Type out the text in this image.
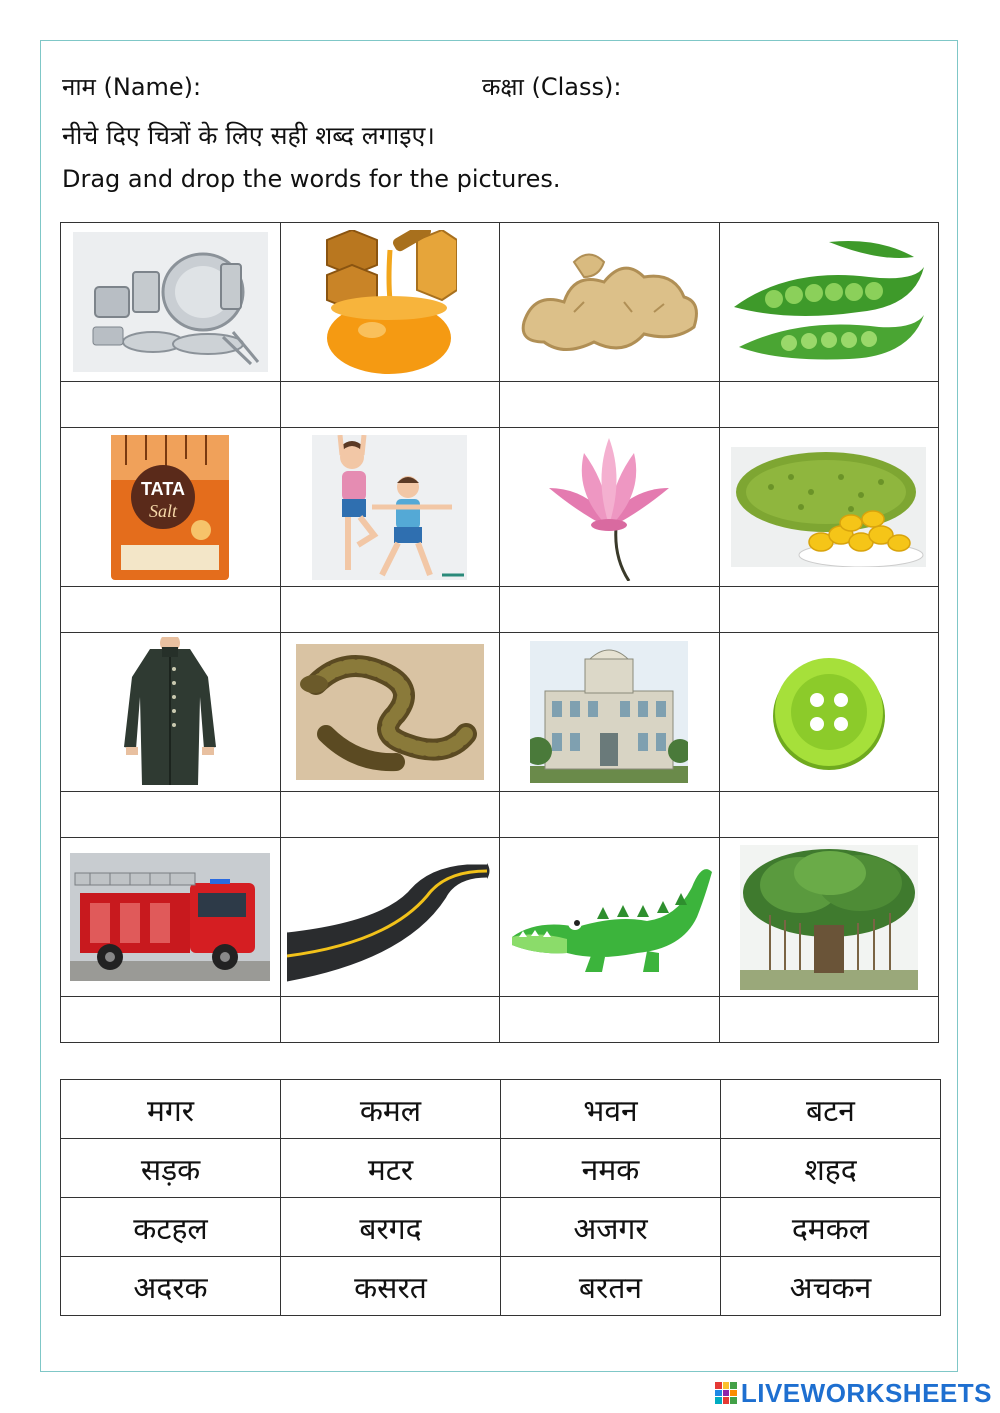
नाम (Name):	कक्षा (Class):
नीचे दिए चित्रों के लिए सही शब्द लगाइए।
Drag and drop the words for the pictures.

TATA
Salt

मगर	कमल	भवन	बटन
सड़क	मटर	नमक	शहद
कटहल	बरगद	अजगर	दमकल
अदरक	कसरत	बरतन	अचकन
LIVEWORKSHEETS
